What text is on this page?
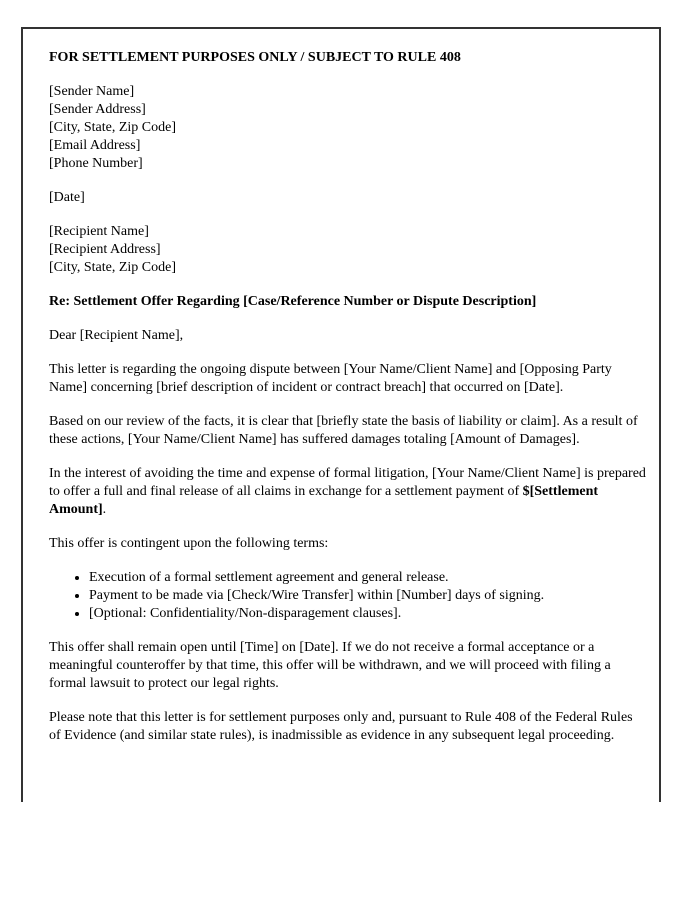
FOR SETTLEMENT PURPOSES ONLY / SUBJECT TO RULE 408

[Sender Name]
[Sender Address]
[City, State, Zip Code]
[Email Address]
[Phone Number]

[Date]

[Recipient Name]
[Recipient Address]
[City, State, Zip Code]

Re: Settlement Offer Regarding [Case/Reference Number or Dispute Description]

Dear [Recipient Name],

This letter is regarding the ongoing dispute between [Your Name/Client Name] and [Opposing Party Name] concerning [brief description of incident or contract breach] that occurred on [Date].

Based on our review of the facts, it is clear that [briefly state the basis of liability or claim]. As a result of these actions, [Your Name/Client Name] has suffered damages totaling [Amount of Damages].

In the interest of avoiding the time and expense of formal litigation, [Your Name/Client Name] is prepared to offer a full and final release of all claims in exchange for a settlement payment of $[Settlement Amount].

This offer is contingent upon the following terms:

• Execution of a formal settlement agreement and general release.
• Payment to be made via [Check/Wire Transfer] within [Number] days of signing.
• [Optional: Confidentiality/Non-disparagement clauses].

This offer shall remain open until [Time] on [Date]. If we do not receive a formal acceptance or a meaningful counteroffer by that time, this offer will be withdrawn, and we will proceed with filing a formal lawsuit to protect our legal rights.

Please note that this letter is for settlement purposes only and, pursuant to Rule 408 of the Federal Rules of Evidence (and similar state rules), is inadmissible as evidence in any subsequent legal proceeding.
